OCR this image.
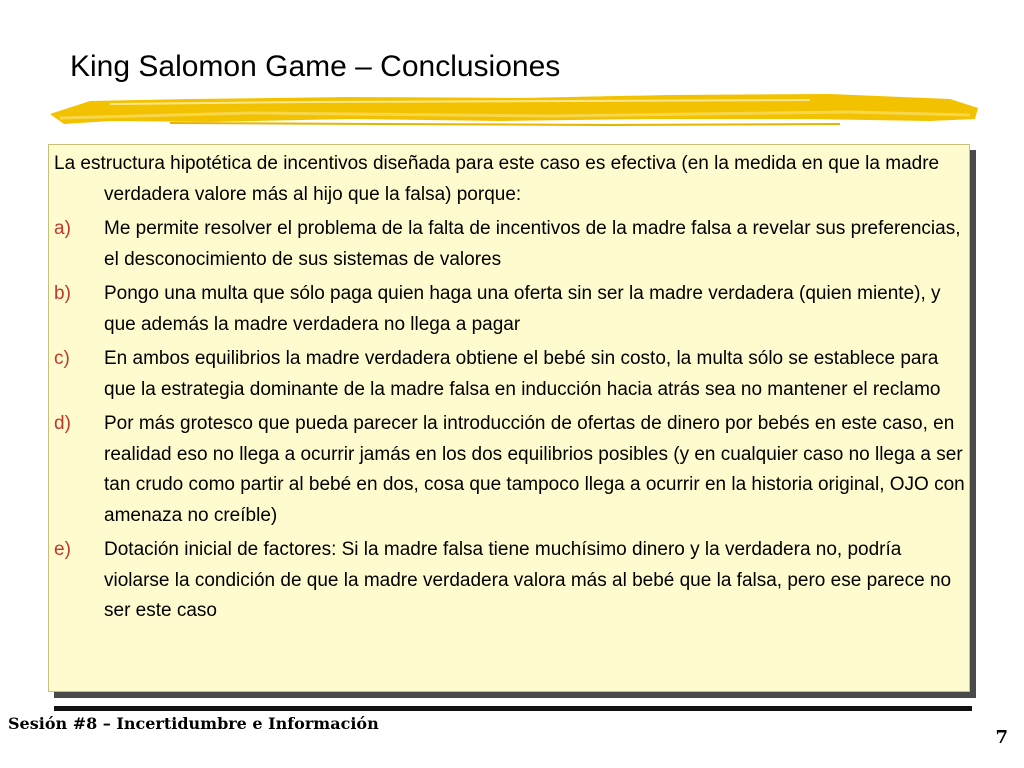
King Salomon Game – Conclusiones

La estructura hipotética de incentivos diseñada para este caso es efectiva (en la medida en que la madre verdadera valore más al hijo que la falsa) porque:

a) Me permite resolver el problema de la falta de incentivos de la madre falsa a revelar sus preferencias, el desconocimiento de sus sistemas de valores
b) Pongo una multa que sólo paga quien haga una oferta sin ser la madre verdadera (quien miente), y que además la madre verdadera no llega a pagar
c) En ambos equilibrios la madre verdadera obtiene el bebé sin costo, la multa sólo se establece para que la estrategia dominante de la madre falsa en inducción hacia atrás sea no mantener el reclamo
d) Por más grotesco que pueda parecer la introducción de ofertas de dinero por bebés en este caso, en realidad eso no llega a ocurrir jamás en los dos equilibrios posibles (y en cualquier caso no llega a ser tan crudo como partir al bebé en dos, cosa que tampoco llega a ocurrir en la historia original, OJO con amenaza no creíble)
e) Dotación inicial de factores: Si la madre falsa tiene muchísimo dinero y la verdadera no, podría violarse la condición de que la madre verdadera valora más al bebé que la falsa, pero ese parece no ser este caso
Sesión #8 – Incertidumbre e Información
7
